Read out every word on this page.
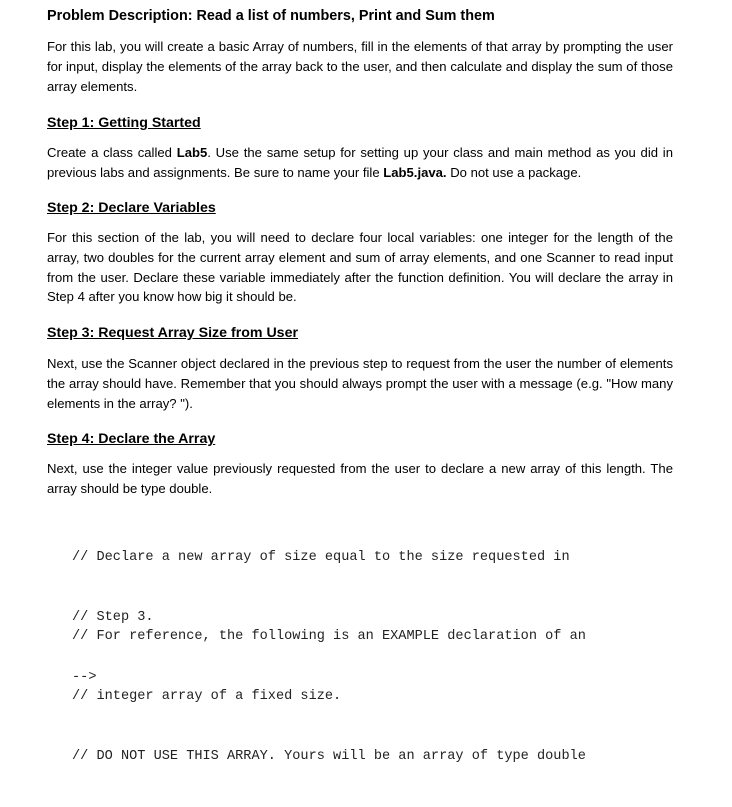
Problem Description: Read a list of numbers, Print and Sum them
For this lab, you will create a basic Array of numbers, fill in the elements of that array by prompting the user for input, display the elements of the array back to the user, and then calculate and display the sum of those array elements.
Step 1: Getting Started
Create a class called Lab5. Use the same setup for setting up your class and main method as you did in previous labs and assignments. Be sure to name your file Lab5.java. Do not use a package.
Step 2: Declare Variables
For this section of the lab, you will need to declare four local variables: one integer for the length of the array, two doubles for the current array element and sum of array elements, and one Scanner to read input from the user. Declare these variable immediately after the function definition. You will declare the array in Step 4 after you know how big it should be.
Step 3: Request Array Size from User
Next, use the Scanner object declared in the previous step to request from the user the number of elements the array should have. Remember that you should always prompt the user with a message (e.g. "How many elements in the array? ").
Step 4: Declare the Array
Next, use the integer value previously requested from the user to declare a new array of this length. The array should be type double.

// Declare a new array of size equal to the size requested in

// Step 3.

-->

// For reference, the following is an EXAMPLE declaration of an

// integer array of a fixed size.

// DO NOT USE THIS ARRAY. Yours will be an array of type double
